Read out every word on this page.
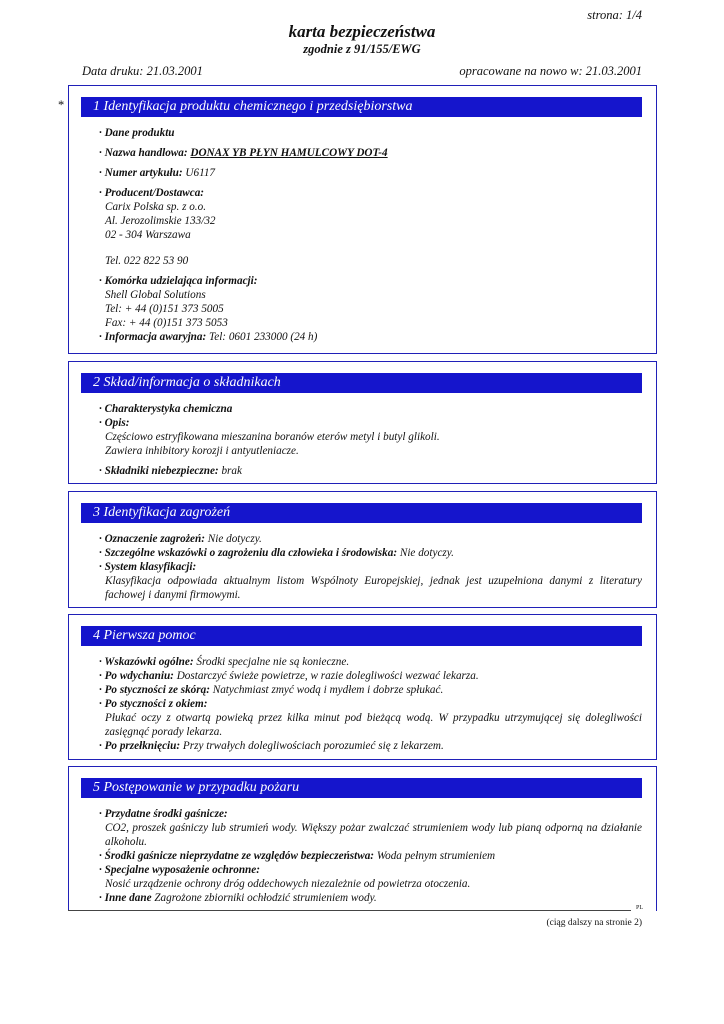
strona: 1/4
karta bezpieczeństwa
zgodnie z 91/155/EWG
Data druku: 21.03.2001	opracowane na nowo w: 21.03.2001
*	1 Identyfikacja produktu chemicznego i przedsiębiorstwa
· Dane produktu
· Nazwa handlowa: DONAX YB PŁYN HAMULCOWY DOT-4
· Numer artykułu: U6117
· Producent/Dostawca:
Carix Polska sp. z o.o.
Al. Jerozolimskie 133/32
02 - 304 Warszawa
Tel. 022 822 53 90
· Komórka udzielająca informacji:
Shell Global Solutions
Tel: + 44 (0)151 373 5005
Fax: + 44 (0)151 373 5053
· Informacja awaryjna: Tel: 0601 233000 (24 h)
2 Skład/informacja o składnikach
· Charakterystyka chemiczna
· Opis:
Częściowo estryfikowana mieszanina boranów eterów metyl i butyl glikoli.
Zawiera inhibitory korozji i antyutleniacze.
· Składniki niebezpieczne: brak
3 Identyfikacja zagrożeń
· Oznaczenie zagrożeń: Nie dotyczy.
· Szczególne wskazówki o zagrożeniu dla człowieka i środowiska: Nie dotyczy.
· System klasyfikacji:
Klasyfikacja odpowiada aktualnym listom Wspólnoty Europejskiej, jednak jest uzupełniona danymi z literatury fachowej i danymi firmowymi.
4 Pierwsza pomoc
· Wskazówki ogólne: Środki specjalne nie są konieczne.
· Po wdychaniu: Dostarczyć świeże powietrze, w razie dolegliwości wezwać lekarza.
· Po styczności ze skórą: Natychmiast zmyć wodą i mydłem i dobrze spłukać.
· Po styczności z okiem:
Płukać oczy z otwartą powieką przez kilka minut pod bieżącą wodą. W przypadku utrzymującej się dolegliwości zasięgnąć porady lekarza.
· Po przełknięciu: Przy trwałych dolegliwościach porozumieć się z lekarzem.
5 Postępowanie w przypadku pożaru
· Przydatne środki gaśnicze:
CO2, proszek gaśniczy lub strumień wody. Większy pożar zwalczać strumieniem wody lub pianą odporną na działanie alkoholu.
· Środki gaśnicze nieprzydatne ze względów bezpieczeństwa: Woda pełnym strumieniem
· Specjalne wyposażenie ochronne:
Nosić urządzenie ochrony dróg oddechowych niezależnie od powietrza otoczenia.
· Inne dane Zagrożone zbiorniki ochłodzić strumieniem wody.
PL
(ciąg dalszy na stronie 2)
